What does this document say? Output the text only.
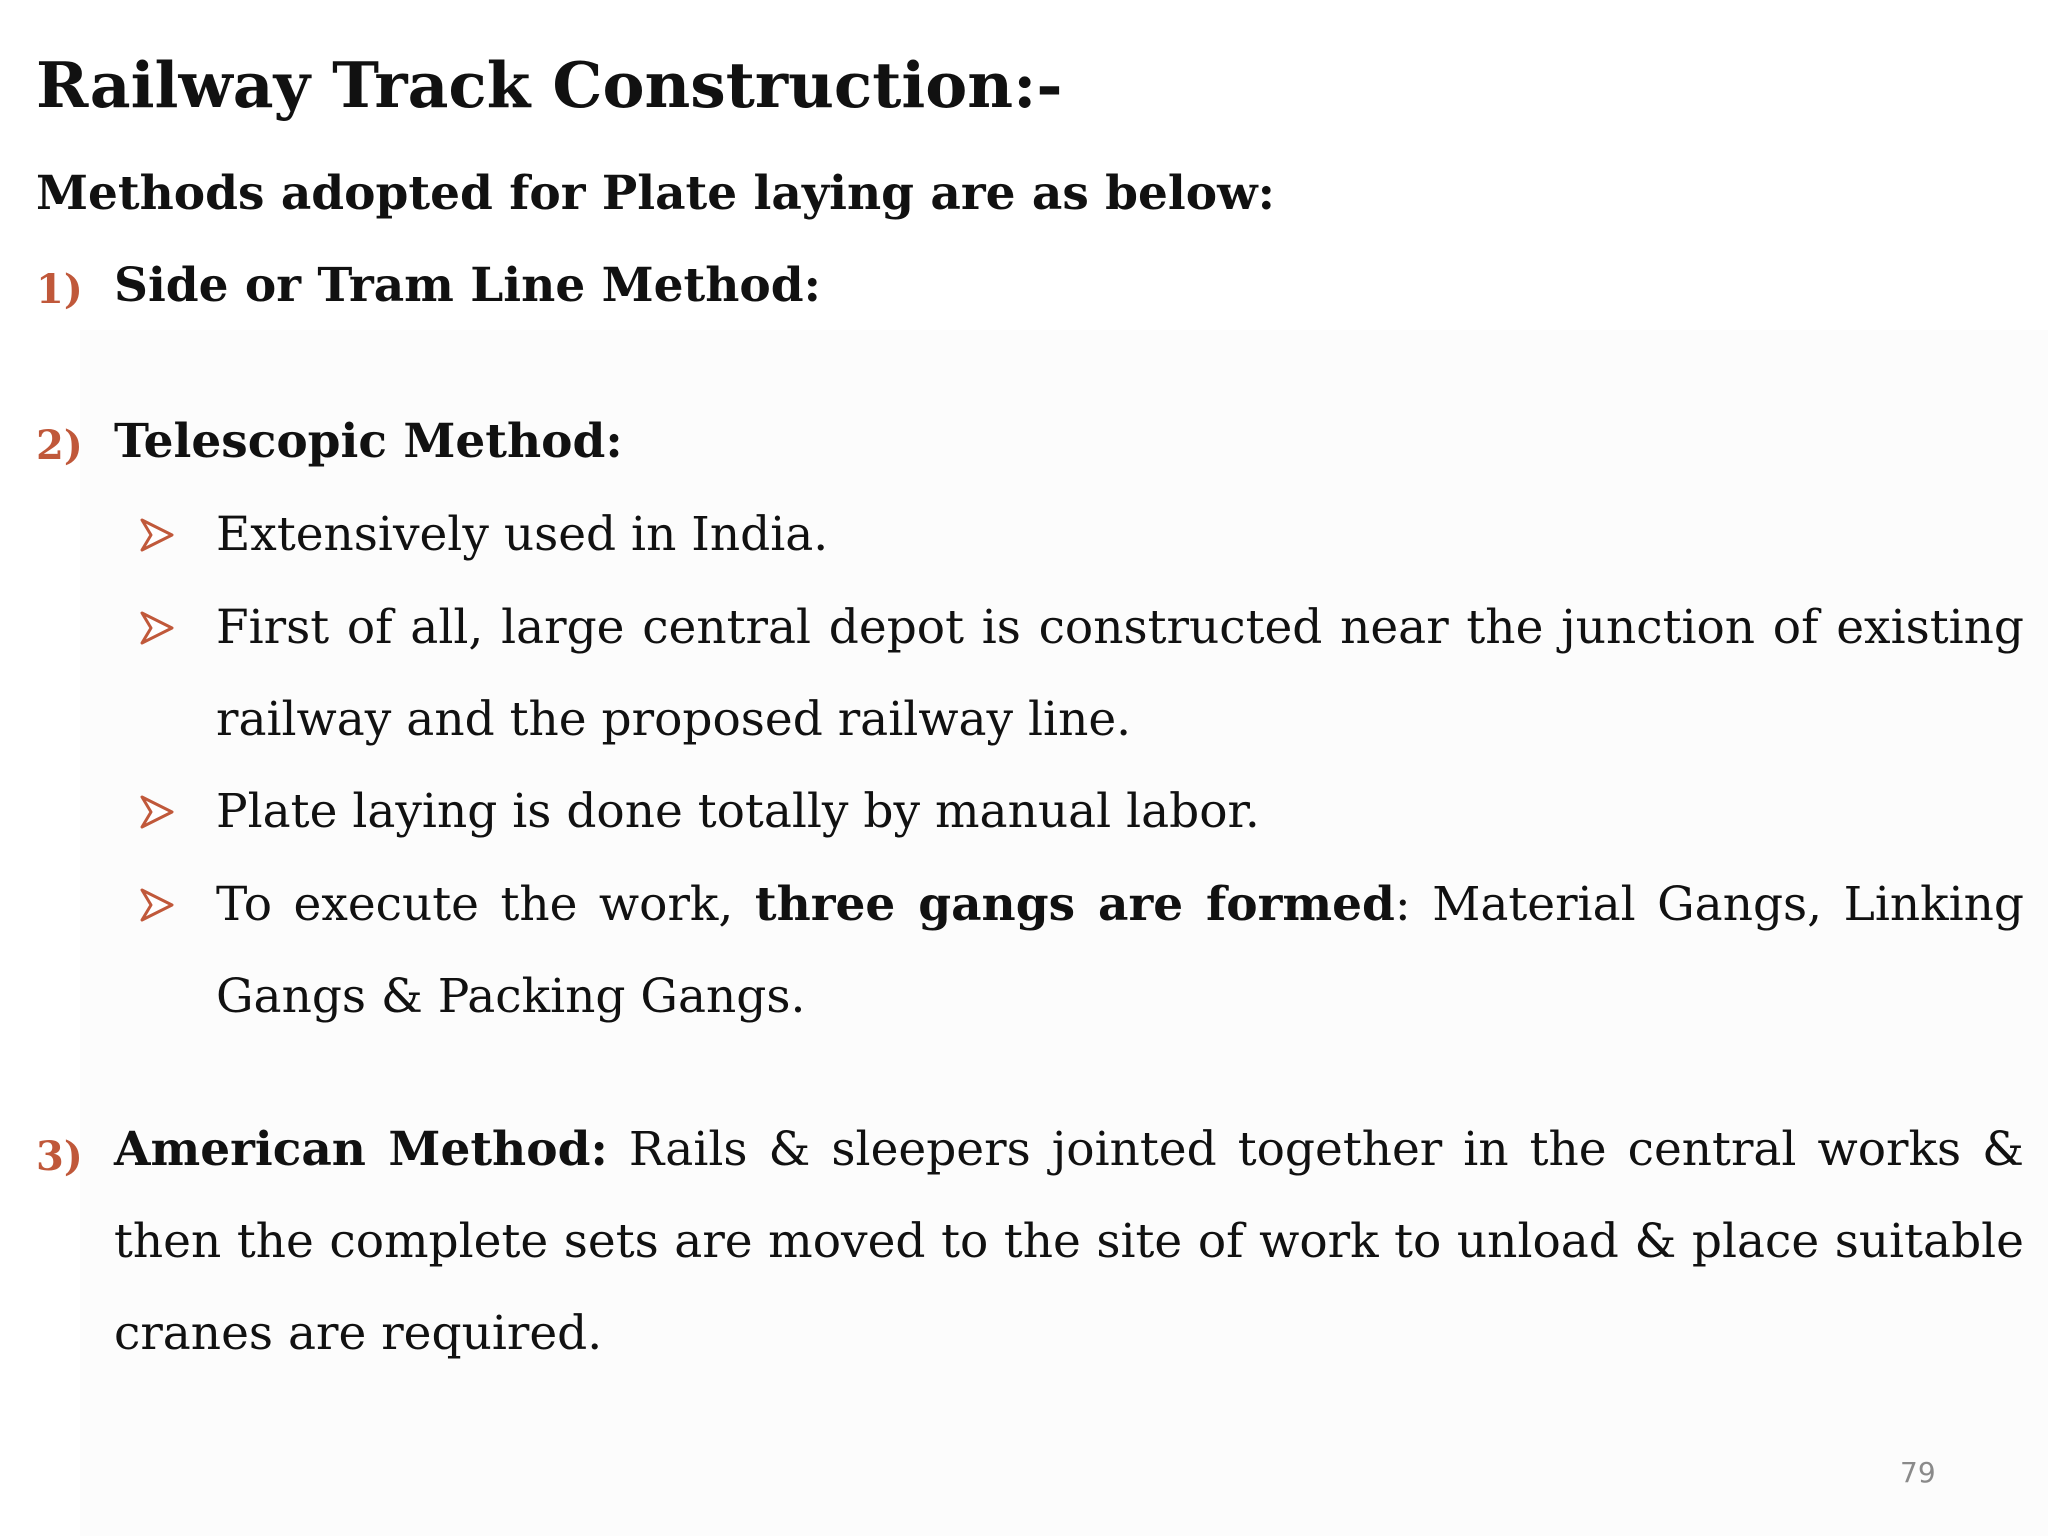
Railway Track Construction:-
Methods adopted for Plate laying are as below:
1) Side or Tram Line Method:
2) Telescopic Method:
Extensively used in India.
First of all, large central depot is constructed near the junction of existing railway and the proposed railway line.
Plate laying is done totally by manual labor.
To execute the work, three gangs are formed: Material Gangs, Linking Gangs & Packing Gangs.
3) American Method: Rails & sleepers jointed together in the central works & then the complete sets are moved to the site of work to unload & place suitable cranes are required.
79
